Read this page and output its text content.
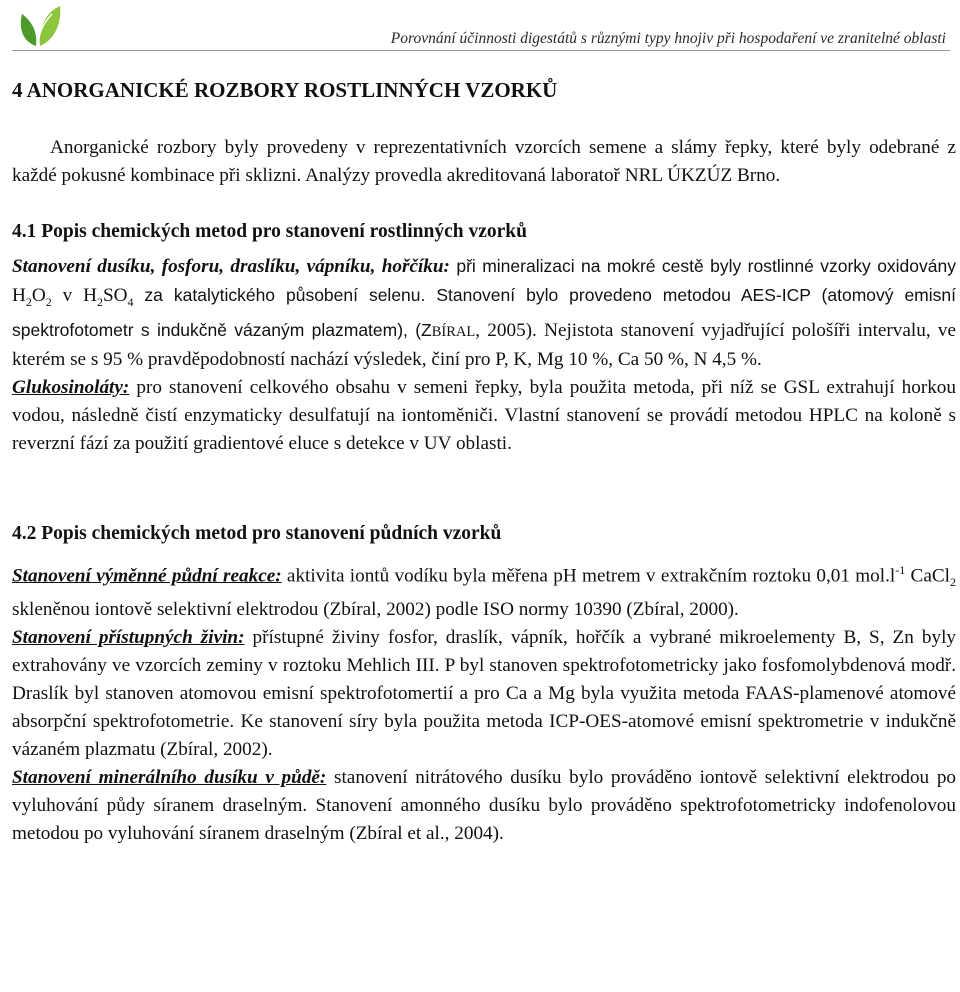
Porovnání účinnosti digestátů s různými typy hnojiv při hospodaření ve zranitelné oblasti
4 ANORGANICKÉ ROZBORY ROSTLINNÝCH VZORKŮ

Anorganické rozbory byly provedeny v reprezentativních vzorcích semene a slámy řepky, které byly odebrané z každé pokusné kombinace při sklizni. Analýzy provedla akreditovaná laboratoř NRL ÚKZÚZ Brno.

4.1 Popis chemických metod pro stanovení rostlinných vzorků

Stanovení dusíku, fosforu, draslíku, vápníku, hořčíku: při mineralizaci na mokré cestě byly rostlinné vzorky oxidovány $H_2O_2$ v $H_2SO_4$ za katalytického působení selenu. Stanovení bylo provedeno metodou AES-ICP (atomový emisní spektrofotometr s indukčně vázaným plazmatem), (ZBÍRAL, 2005). Nejistota stanovení vyjadřující pološíři intervalu, ve kterém se s 95 % pravděpodobností nachází výsledek, činí pro P, K, Mg 10 %, Ca 50 %, N 4,5 %.

Glukosinoláty: pro stanovení celkového obsahu v semeni řepky, byla použita metoda, při níž se GSL extrahují horkou vodou, následně čistí enzymaticky desulfatují na iontoměniči. Vlastní stanovení se provádí metodou HPLC na koloně s reverzní fází za použití gradientové eluce s detekce v UV oblasti.

4.2 Popis chemických metod pro stanovení půdních vzorků

Stanovení výměnné půdní reakce: aktivita iontů vodíku byla měřena pH metrem v extrakčním roztoku 0,01 $mol.l^{-1}$ CaCl$_2$ skleněnou iontově selektivní elektrodou (Zbíral, 2002) podle ISO normy 10390 (Zbíral, 2000).

Stanovení přístupných živin: přístupné živiny fosfor, draslík, vápník, hořčík a vybrané mikroelementy B, S, Zn byly extrahovány ve vzorcích zeminy v roztoku Mehlich III. P byl stanoven spektrofotometricky jako fosfomolybdenová modř. Draslík byl stanoven atomovou emisní spektrofotomertií a pro Ca a Mg byla využita metoda FAAS-plamenové atomové absorpční spektrofotometrie. Ke stanovení síry byla použita metoda ICP-OES-atomové emisní spektrometrie v indukčně vázaném plazmatu (Zbíral, 2002).

Stanovení minerálního dusíku v půdě: stanovení nitrátového dusíku bylo prováděno iontově selektivní elektrodou po vyluhování půdy síranem draselným. Stanovení amonného dusíku bylo prováděno spektrofotometricky indofenolovou metodou po vyluhování síranem draselným (Zbíral et al., 2004).
